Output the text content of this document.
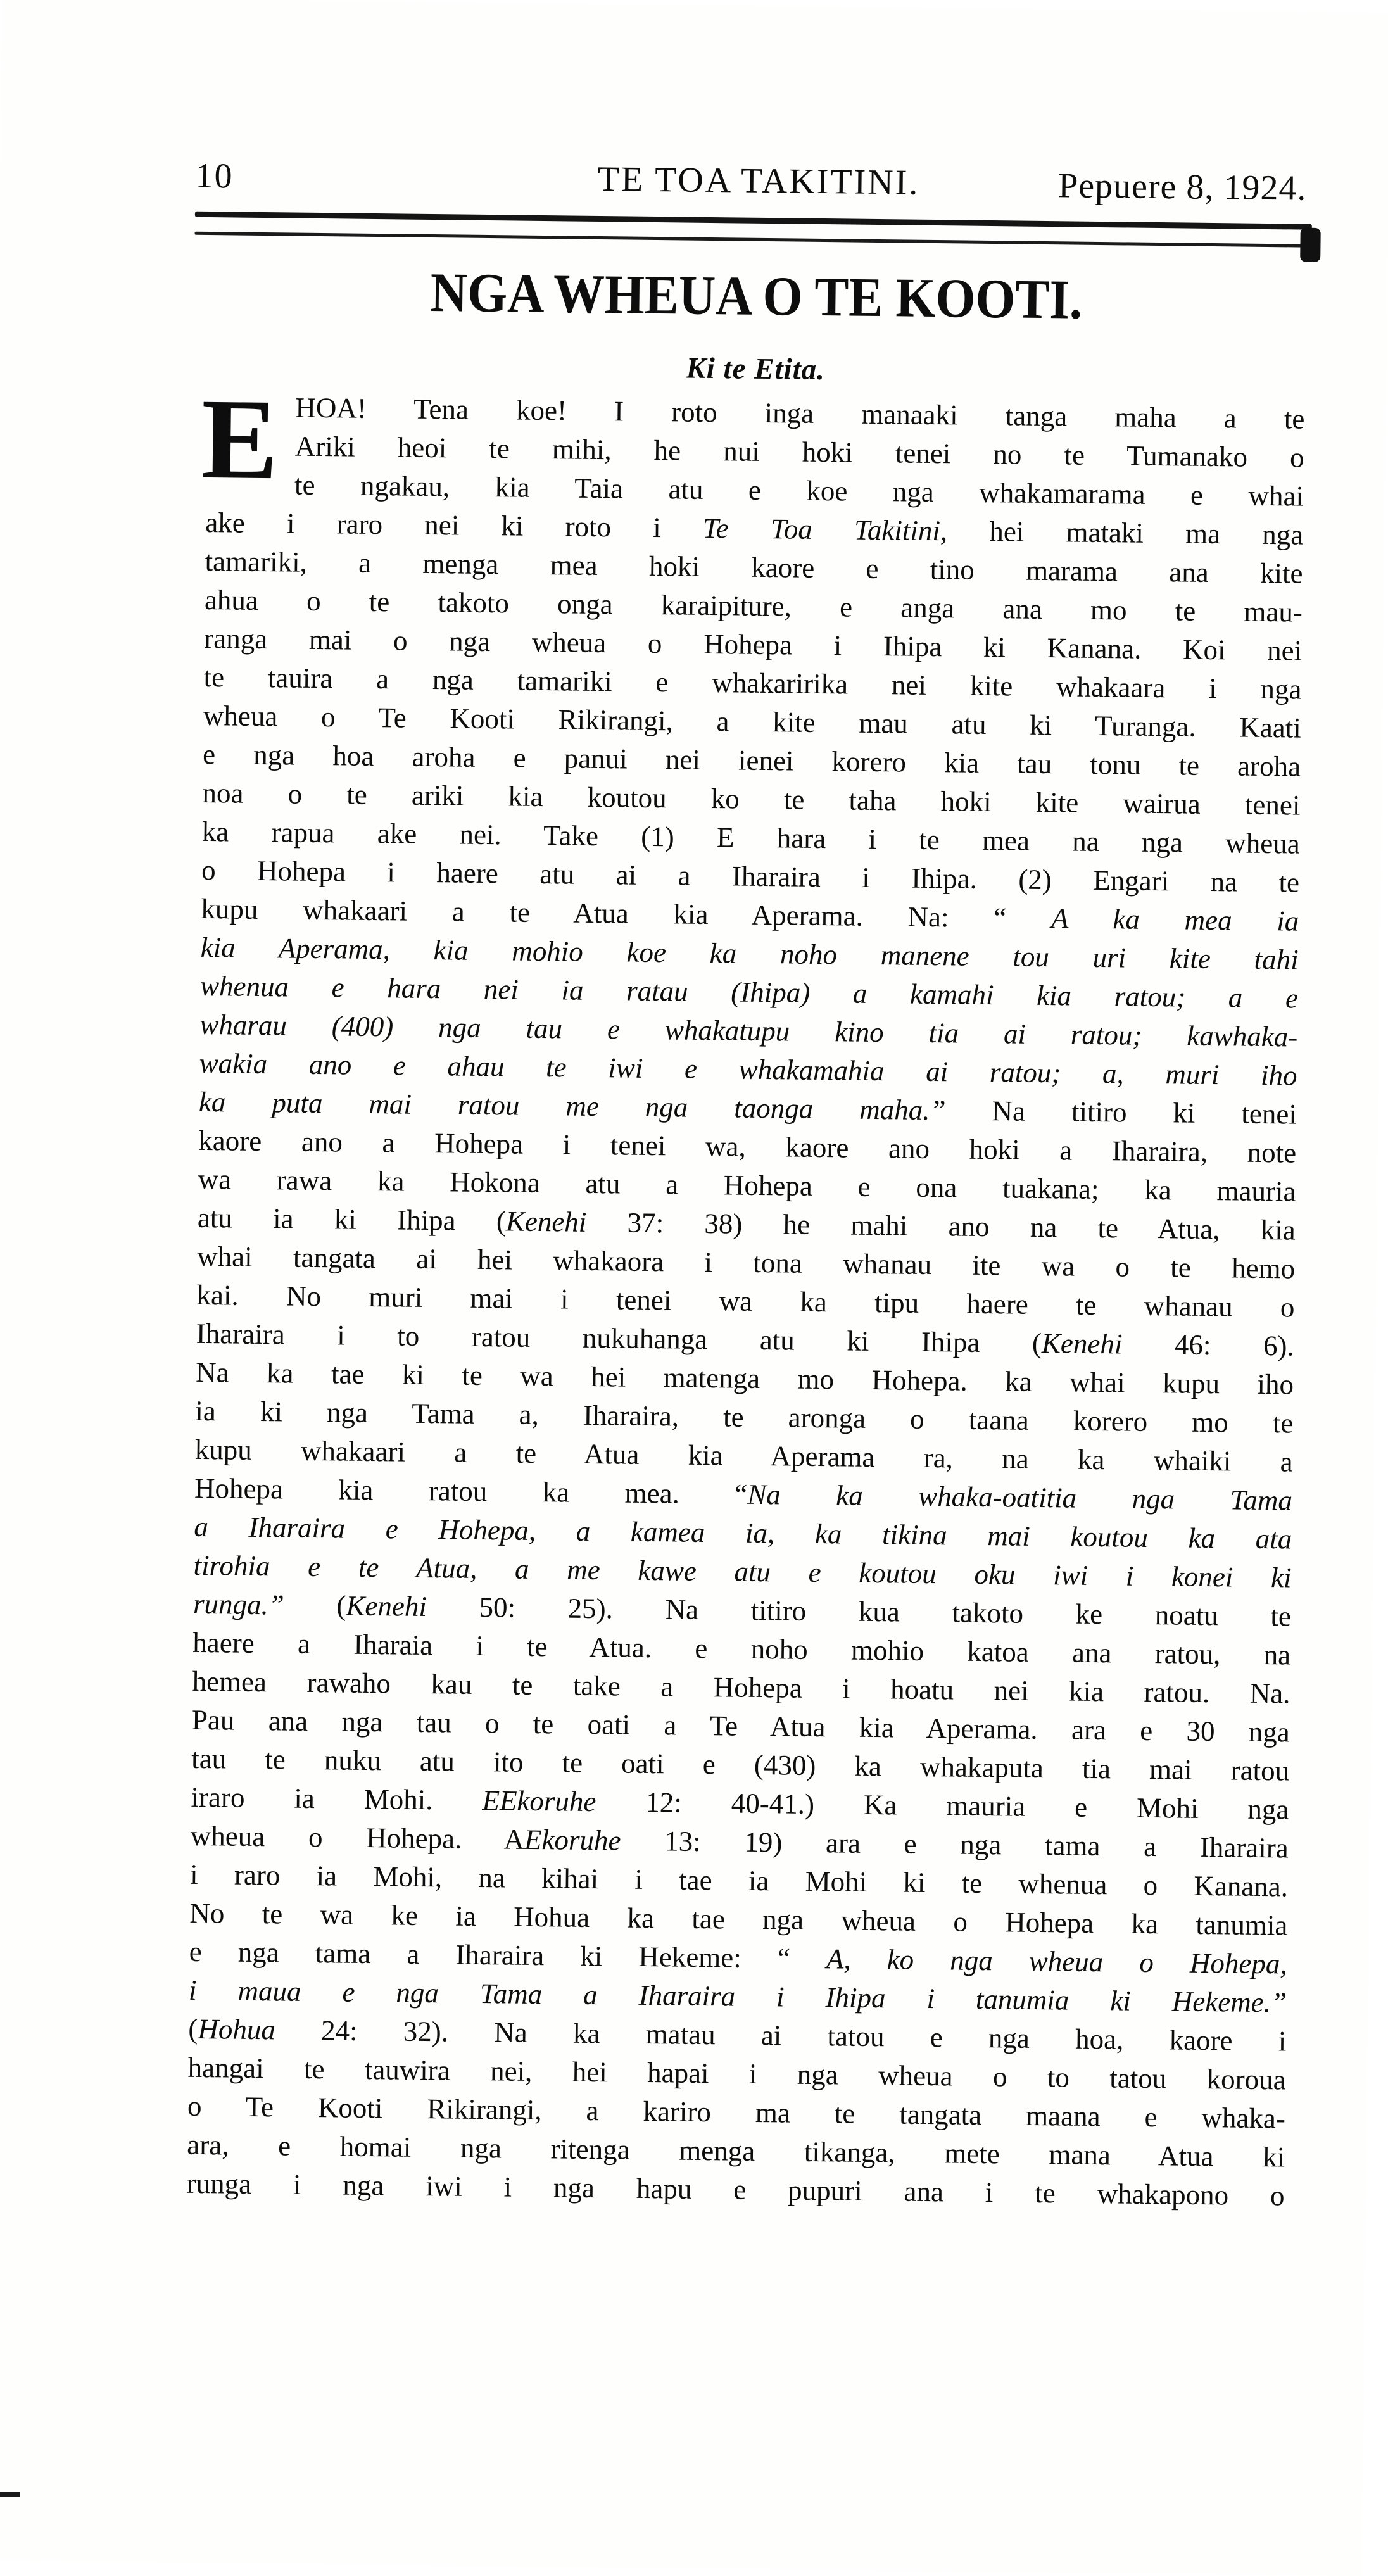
10	TE TOA TAKITINI.	Pepuere 8, 1924.
NGA WHEUA O TE KOOTI.
Ki te Etita.
E HOA! Tena koe! I roto inga manaaki tanga maha a te
Ariki heoi te mihi, he nui hoki tenei no te Tumanako o
te ngakau, kia Taia atu e koe nga whakamarama e whai
ake i raro nei ki roto i Te Toa Takitini, hei mataki ma nga
tamariki, a menga mea hoki kaore e tino marama ana kite
ahua o te takoto onga karaipiture, e anga ana mo te mau-
ranga mai o nga wheua o Hohepa i Ihipa ki Kanana. Koi nei
te tauira a nga tamariki e whakaririka nei kite whakaara i nga
wheua o Te Kooti Rikirangi, a kite mau atu ki Turanga. Kaati
e nga hoa aroha e panui nei ienei korero kia tau tonu te aroha
noa o te ariki kia koutou ko te taha hoki kite wairua tenei
ka rapua ake nei. Take (1) E hara i te mea na nga wheua
o Hohepa i haere atu ai a Iharaira i Ihipa. (2) Engari na te
kupu whakaari a te Atua kia Aperama. Na: “ A ka mea ia
kia Aperama, kia mohio koe ka noho manene tou uri kite tahi
whenua e hara nei ia ratau (Ihipa) a kamahi kia ratou; a e
wharau (400) nga tau e whakatupu kino tia ai ratou; kawhaka-
wakia ano e ahau te iwi e whakamahia ai ratou; a, muri iho
ka puta mai ratou me nga taonga maha.” Na titiro ki tenei
kaore ano a Hohepa i tenei wa, kaore ano hoki a Iharaira, note
wa rawa ka Hokona atu a Hohepa e ona tuakana; ka mauria
atu ia ki Ihipa (Kenehi 37: 38) he mahi ano na te Atua, kia
whai tangata ai hei whakaora i tona whanau ite wa o te hemo
kai. No muri mai i tenei wa ka tipu haere te whanau o
Iharaira i to ratou nukuhanga atu ki Ihipa (Kenehi 46: 6).
Na ka tae ki te wa hei matenga mo Hohepa. ka whai kupu iho
ia ki nga Tama a, Iharaira, te aronga o taana korero mo te
kupu whakaari a te Atua kia Aperama ra, na ka whaiki a
Hohepa kia ratou ka mea. “Na ka whaka-oatitia nga Tama
a Iharaira e Hohepa, a kamea ia, ka tikina mai koutou ka ata
tirohia e te Atua, a me kawe atu e koutou oku iwi i konei ki
runga.” (Kenehi 50: 25). Na titiro kua takoto ke noatu te
haere a Iharaia i te Atua. e noho mohio katoa ana ratou, na
hemea rawaho kau te take a Hohepa i hoatu nei kia ratou. Na.
Pau ana nga tau o te oati a Te Atua kia Aperama. ara e 30 nga
tau te nuku atu ito te oati e (430) ka whakaputa tia mai ratou
iraro ia Mohi. EEkoruhe 12: 40-41.) Ka mauria e Mohi nga
wheua o Hohepa. AEkoruhe 13: 19) ara e nga tama a Iharaira
i raro ia Mohi, na kihai i tae ia Mohi ki te whenua o Kanana.
No te wa ke ia Hohua ka tae nga wheua o Hohepa ka tanumia
e nga tama a Iharaira ki Hekeme: “ A, ko nga wheua o Hohepa,
i maua e nga Tama a Iharaira i Ihipa i tanumia ki Hekeme.”
(Hohua 24: 32). Na ka matau ai tatou e nga hoa, kaore i
hangai te tauwira nei, hei hapai i nga wheua o to tatou koroua
o Te Kooti Rikirangi, a kariro ma te tangata maana e whaka-
ara, e homai nga ritenga menga tikanga, mete mana Atua ki
runga i nga iwi i nga hapu e pupuri ana i te whakapono o
